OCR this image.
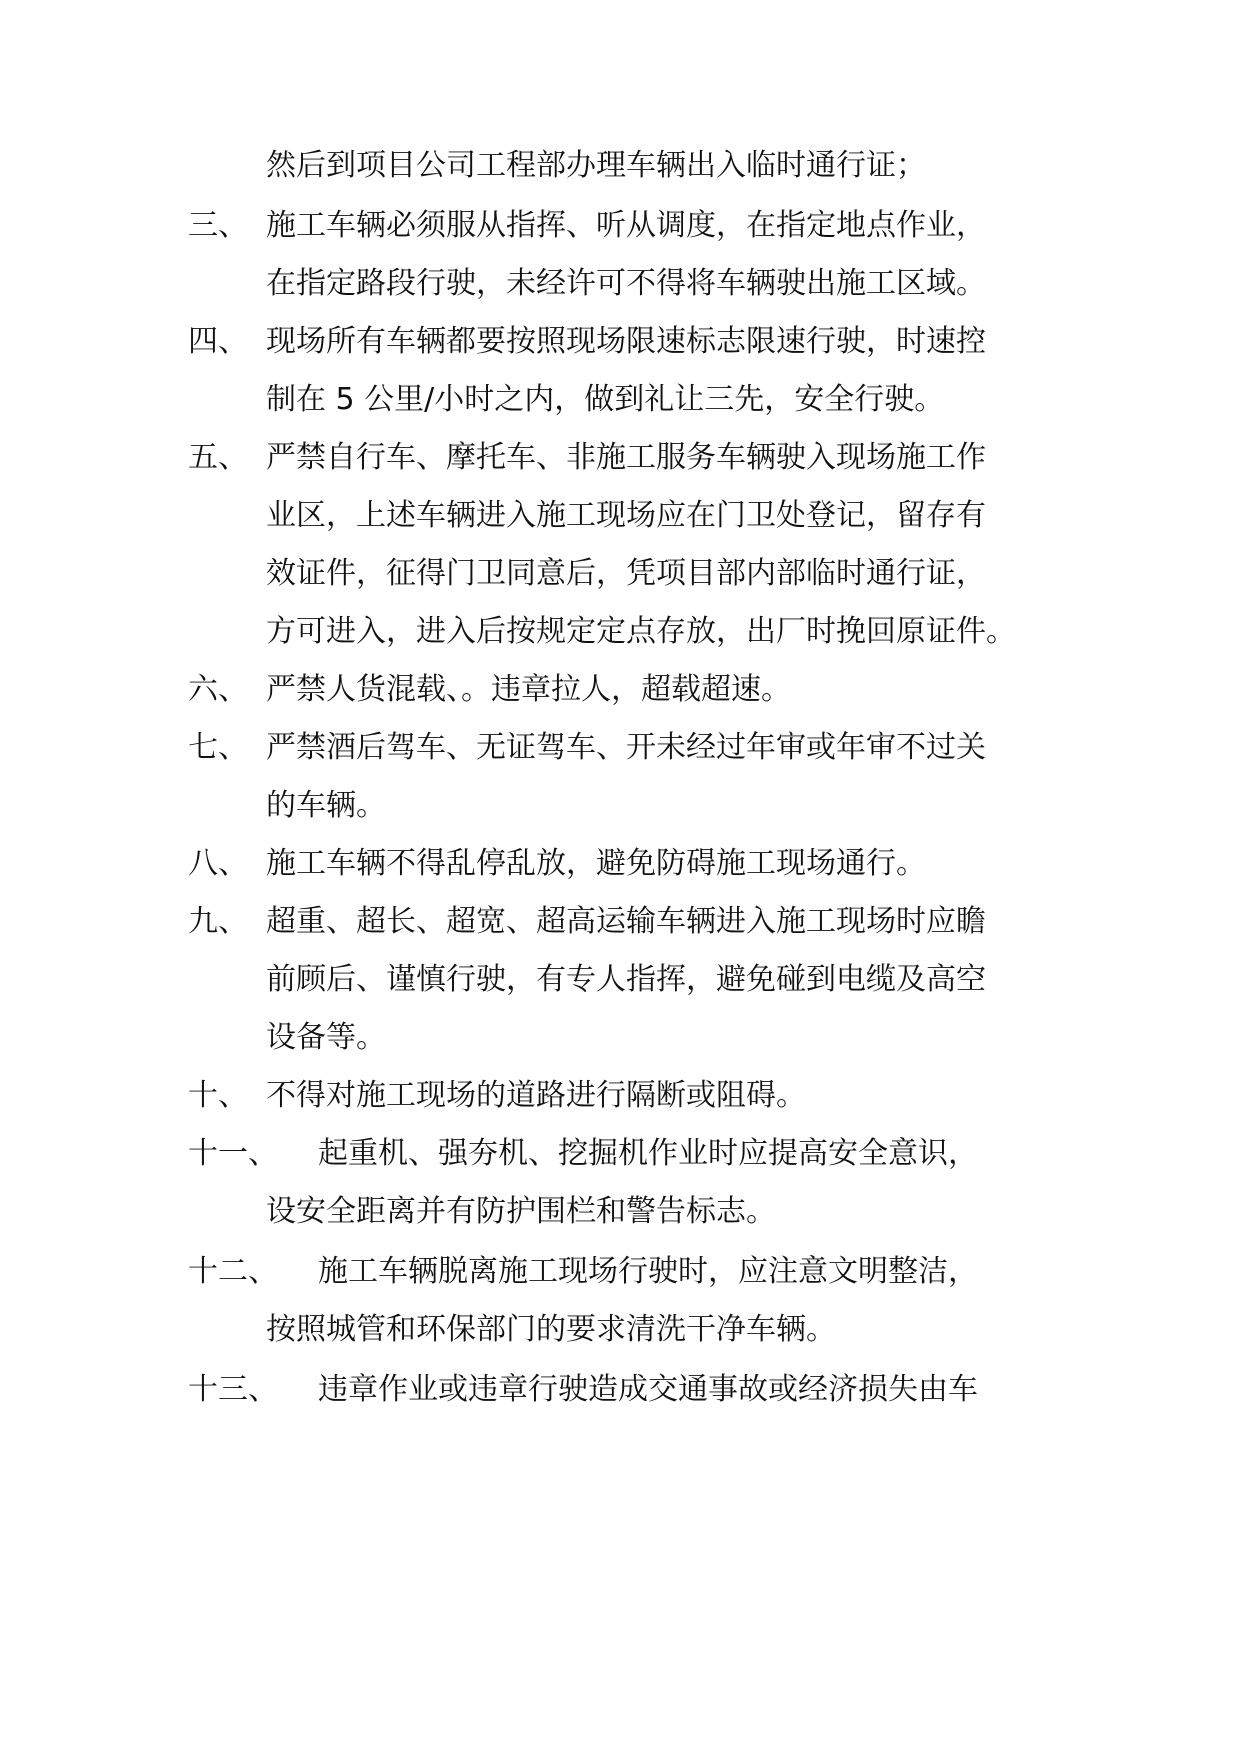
然后到项目公司工程部办理车辆出入临时通行证；
三、 施工车辆必须服从指挥、听从调度，在指定地点作业，
在指定路段行驶，未经许可不得将车辆驶出施工区域。
四、 现场所有车辆都要按照现场限速标志限速行驶，时速控
制在 5 公里/小时之内，做到礼让三先，安全行驶。
五、 严禁自行车、摩托车、非施工服务车辆驶入现场施工作
业区，上述车辆进入施工现场应在门卫处登记，留存有
效证件，征得门卫同意后，凭项目部内部临时通行证，
方可进入，进入后按规定定点存放，出厂时挽回原证件。
六、 严禁人货混载、。违章拉人，超载超速。
七、 严禁酒后驾车、无证驾车、开未经过年审或年审不过关
的车辆。
八、 施工车辆不得乱停乱放，避免防碍施工现场通行。
九、 超重、超长、超宽、超高运输车辆进入施工现场时应瞻
前顾后、谨慎行驶，有专人指挥，避免碰到电缆及高空
设备等。
十、 不得对施工现场的道路进行隔断或阻碍。
十一、 起重机、强夯机、挖掘机作业时应提高安全意识，
设安全距离并有防护围栏和警告标志。
十二、 施工车辆脱离施工现场行驶时，应注意文明整洁，
按照城管和环保部门的要求清洗干净车辆。
十三、 违章作业或违章行驶造成交通事故或经济损失由车
